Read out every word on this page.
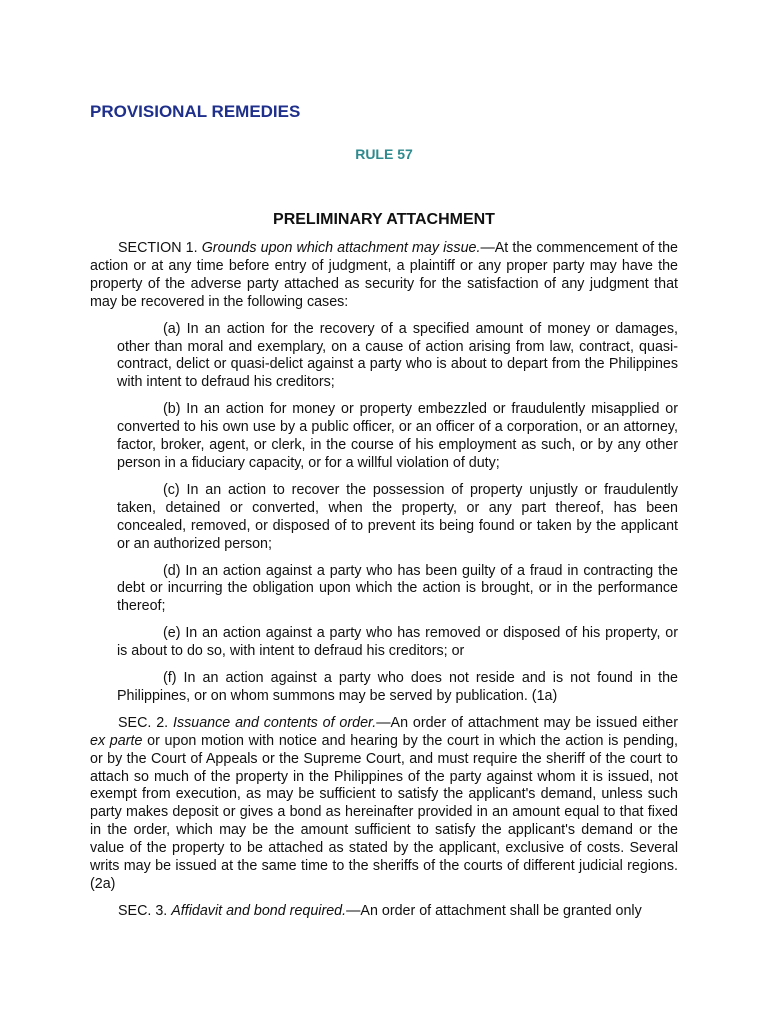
PROVISIONAL REMEDIES
RULE 57
PRELIMINARY ATTACHMENT

SECTION 1. Grounds upon which attachment may issue.—At the commencement of the action or at any time before entry of judgment, a plaintiff or any proper party may have the property of the adverse party attached as security for the satisfaction of any judgment that may be recovered in the following cases:

(a) In an action for the recovery of a specified amount of money or damages, other than moral and exemplary, on a cause of action arising from law, contract, quasi-contract, delict or quasi-delict against a party who is about to depart from the Philippines with intent to defraud his creditors;

(b) In an action for money or property embezzled or fraudulently misapplied or converted to his own use by a public officer, or an officer of a corporation, or an attorney, factor, broker, agent, or clerk, in the course of his employment as such, or by any other person in a fiduciary capacity, or for a willful violation of duty;

(c) In an action to recover the possession of property unjustly or fraudulently taken, detained or converted, when the property, or any part thereof, has been concealed, removed, or disposed of to prevent its being found or taken by the applicant or an authorized person;

(d) In an action against a party who has been guilty of a fraud in contracting the debt or incurring the obligation upon which the action is brought, or in the performance thereof;

(e) In an action against a party who has removed or disposed of his property, or is about to do so, with intent to defraud his creditors; or

(f) In an action against a party who does not reside and is not found in the Philippines, or on whom summons may be served by publication. (1a)

SEC. 2. Issuance and contents of order.—An order of attachment may be issued either ex parte or upon motion with notice and hearing by the court in which the action is pending, or by the Court of Appeals or the Supreme Court, and must require the sheriff of the court to attach so much of the property in the Philippines of the party against whom it is issued, not exempt from execution, as may be sufficient to satisfy the applicant's demand, unless such party makes deposit or gives a bond as hereinafter provided in an amount equal to that fixed in the order, which may be the amount sufficient to satisfy the applicant's demand or the value of the property to be attached as stated by the applicant, exclusive of costs. Several writs may be issued at the same time to the sheriffs of the courts of different judicial regions. (2a)

SEC. 3. Affidavit and bond required.—An order of attachment shall be granted only
